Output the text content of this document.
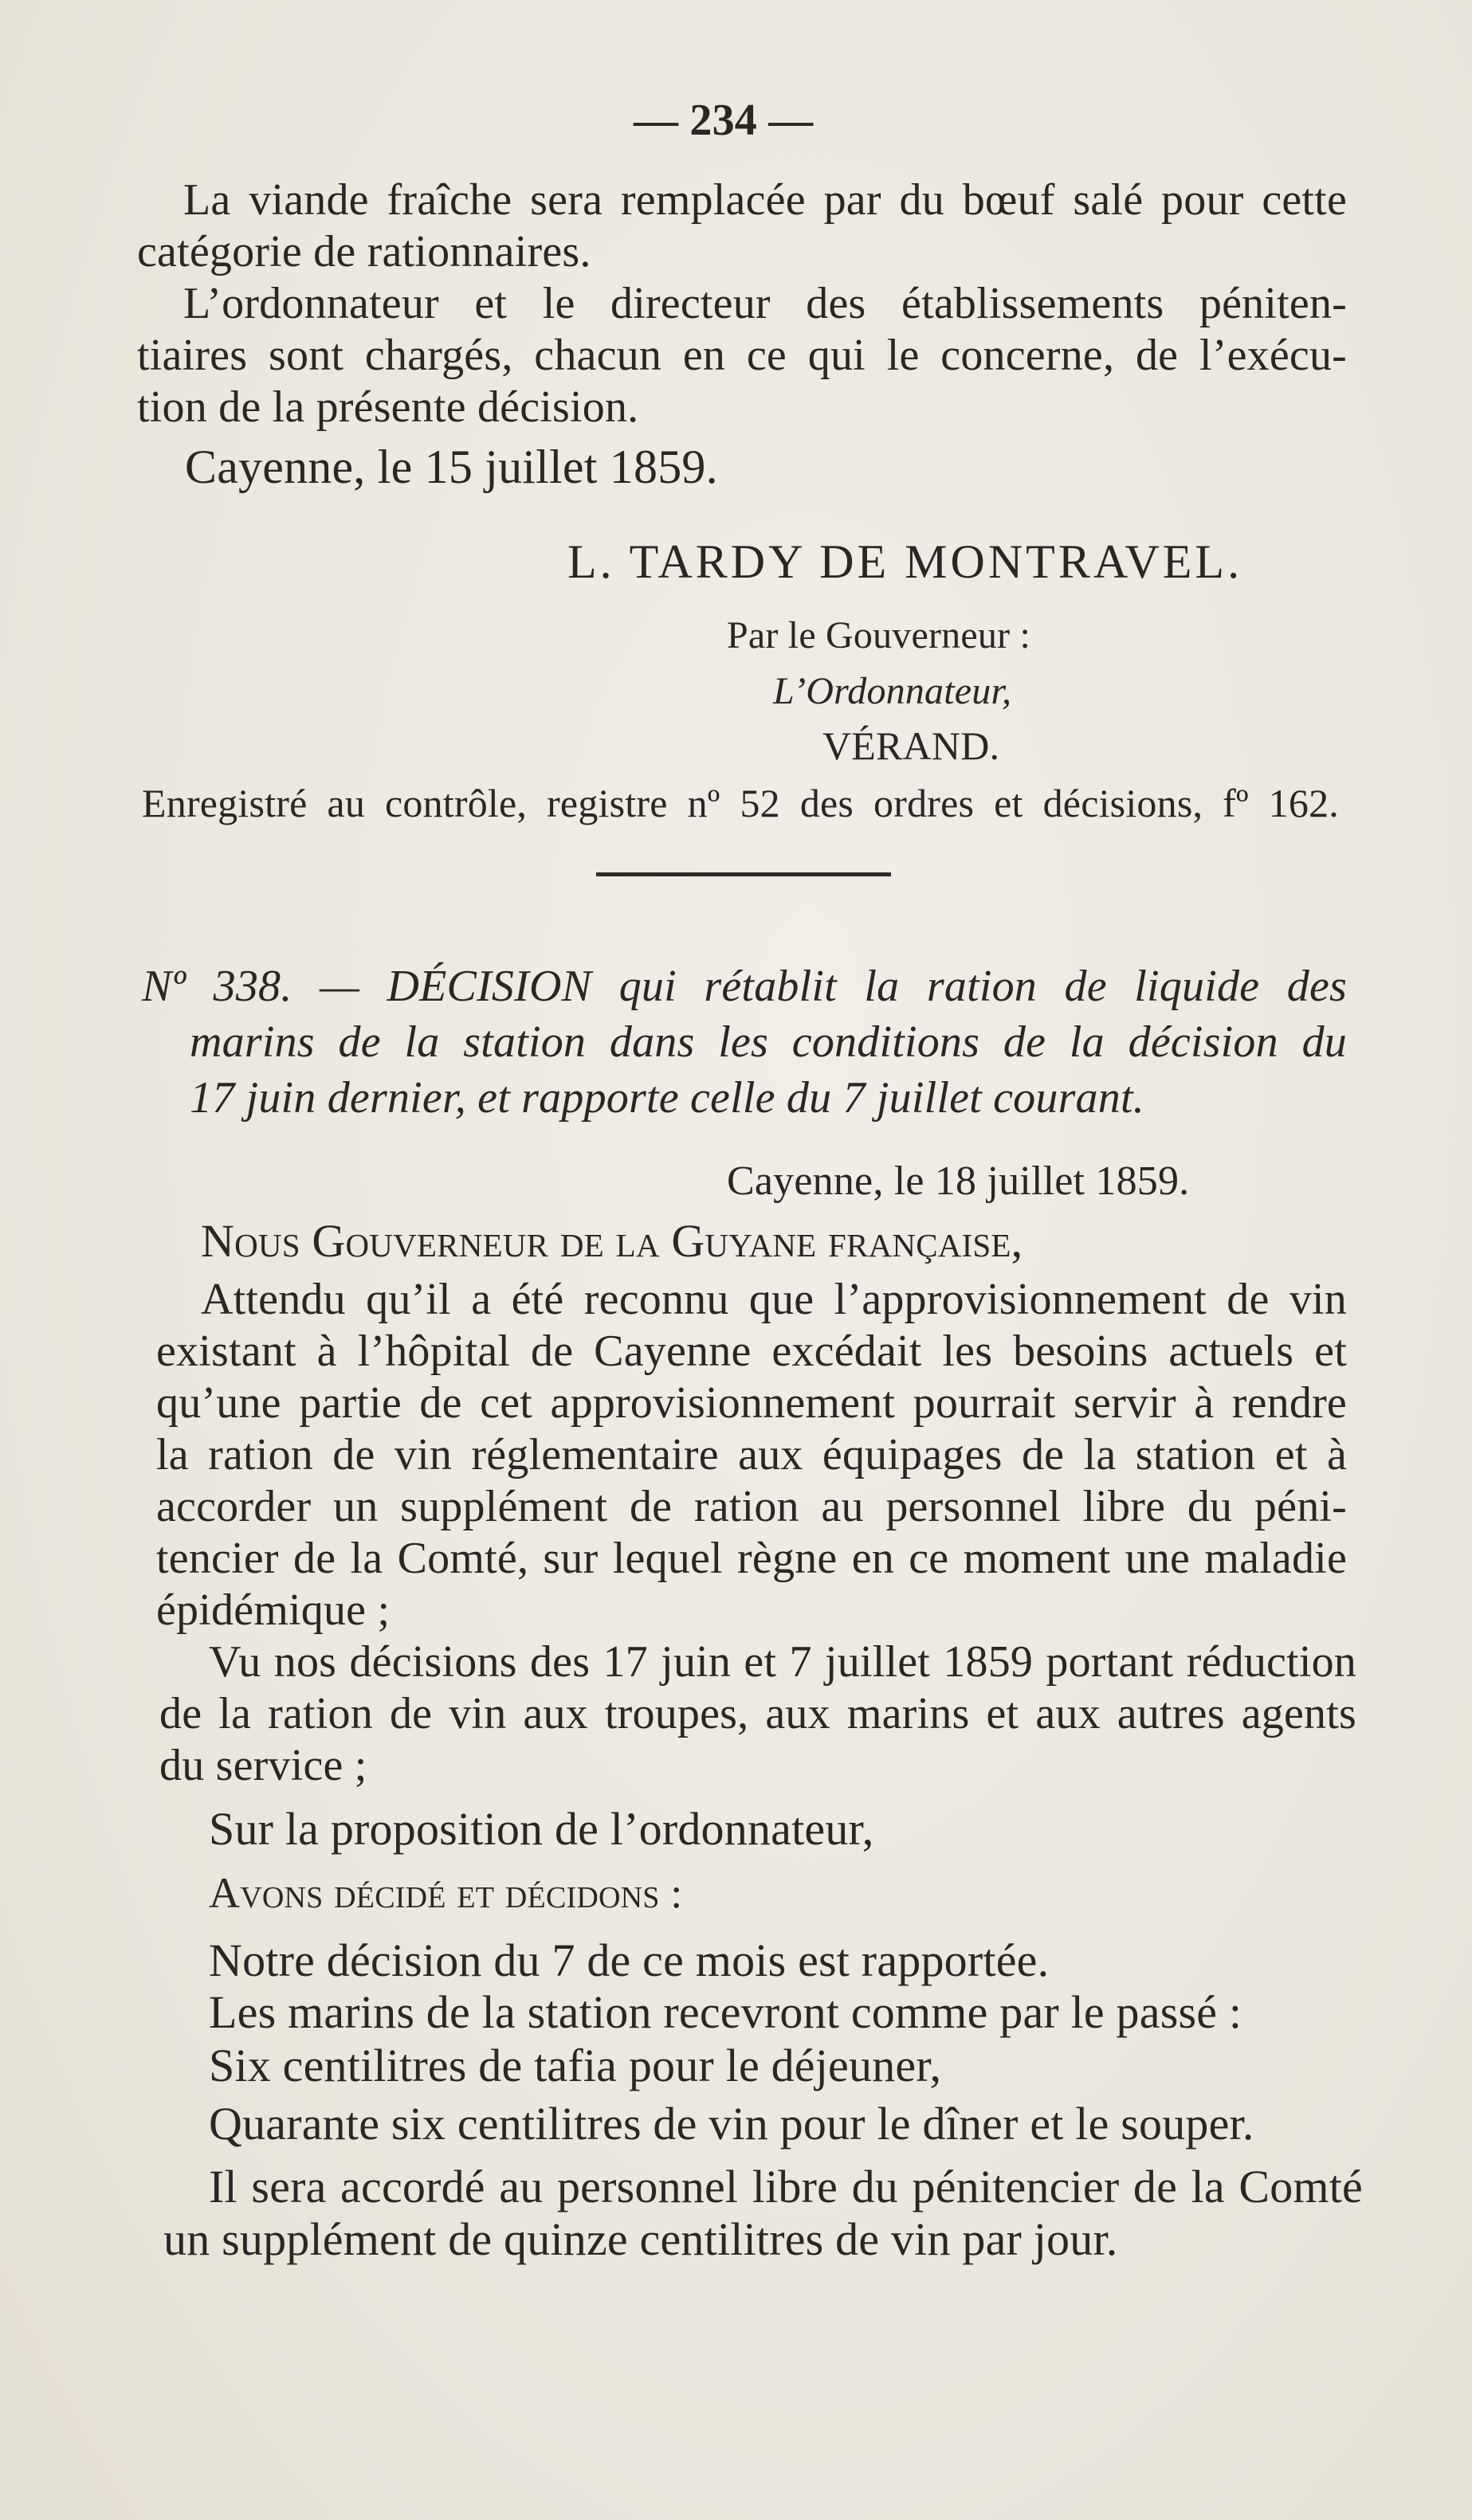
— 234 —
La viande fraîche sera remplacée par du bœuf salé pour cette
catégorie de rationnaires.
L’ordonnateur et le directeur des établissements péniten-
tiaires sont chargés, chacun en ce qui le concerne, de l’exécu-
tion de la présente décision.
Cayenne, le 15 juillet 1859.
L. TARDY DE MONTRAVEL.
Par le Gouverneur :
L’Ordonnateur,
VÉRAND.
Enregistré au contrôle, registre nº 52 des ordres et décisions, fº 162.
Nº 338. — DÉCISION qui rétablit la ration de liquide des
marins de la station dans les conditions de la décision du
17 juin dernier, et rapporte celle du 7 juillet courant.
Cayenne, le 18 juillet 1859.
Nous Gouverneur de la Guyane française,
Attendu qu’il a été reconnu que l’approvisionnement de vin
existant à l’hôpital de Cayenne excédait les besoins actuels et
qu’une partie de cet approvisionnement pourrait servir à rendre
la ration de vin réglementaire aux équipages de la station et à
accorder un supplément de ration au personnel libre du péni-
tencier de la Comté, sur lequel règne en ce moment une maladie
épidémique ;
Vu nos décisions des 17 juin et 7 juillet 1859 portant réduction
de la ration de vin aux troupes, aux marins et aux autres agents
du service ;
Sur la proposition de l’ordonnateur,
Avons décidé et décidons :
Notre décision du 7 de ce mois est rapportée.
Les marins de la station recevront comme par le passé :
Six centilitres de tafia pour le déjeuner,
Quarante six centilitres de vin pour le dîner et le souper.
Il sera accordé au personnel libre du pénitencier de la Comté
un supplément de quinze centilitres de vin par jour.
